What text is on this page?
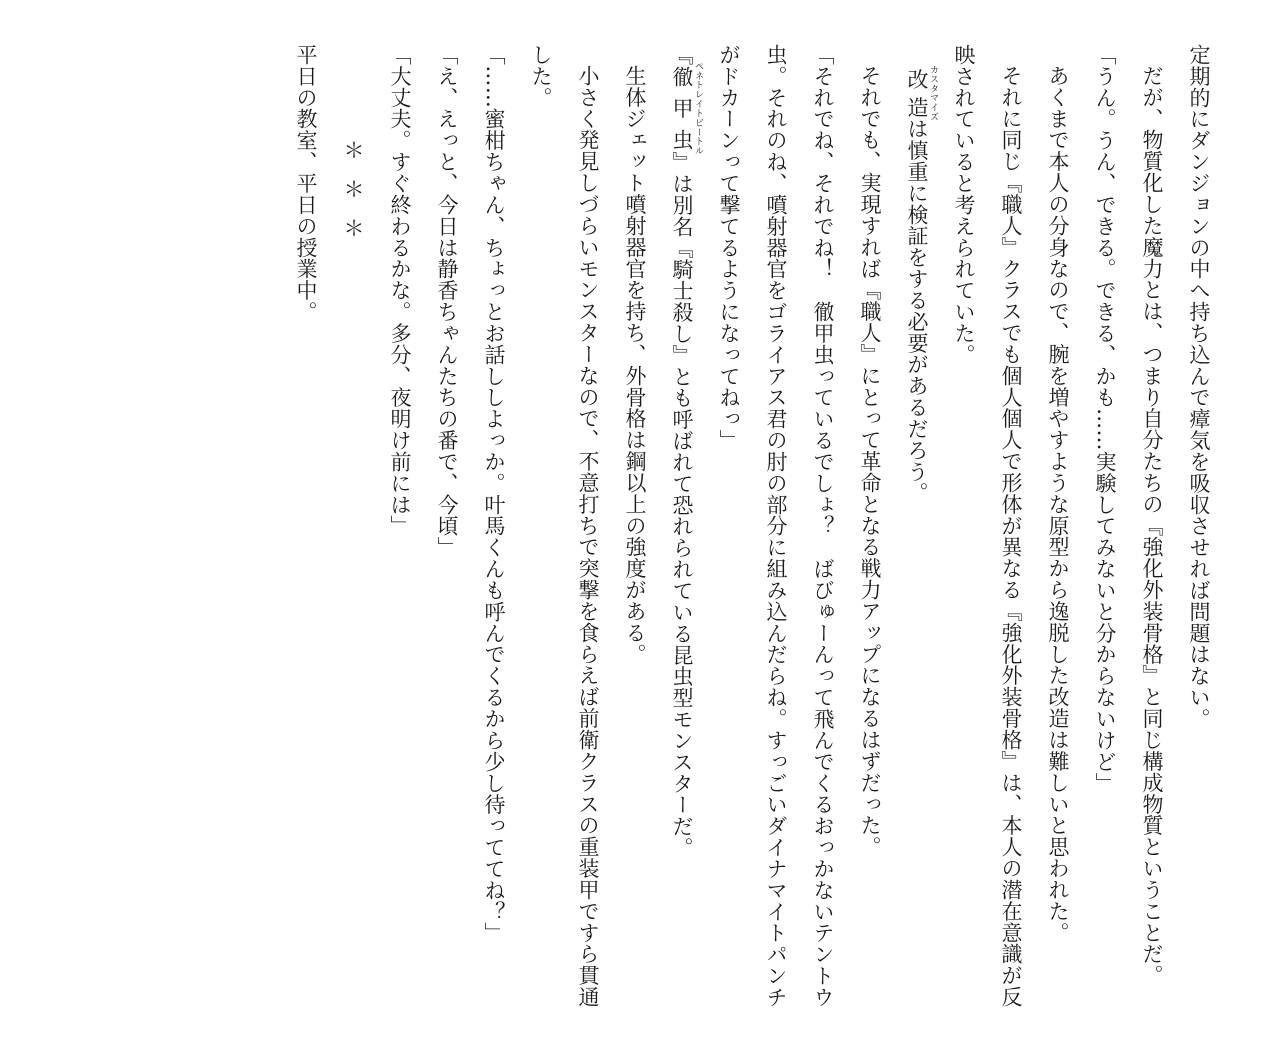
定期的にダンジョンの中へ持ち込んで瘴気を吸収させれば問題はない。
だが、物質化した魔力とは、つまり自分たちの『強化外装骨格』と同じ構成物質ということだ。
「うん。うん、できる。できる、かも……実験してみないと分からないけど」
あくまで本人の分身なので、腕を増やすような原型から逸脱した改造は難しいと思われた。
それに同じ『職人』クラスでも個人個人で形体が異なる『強化外装骨格』は、本人の潜在意識が反映されていると考えられていた。
改造 カスタマイズは慎重に検証をする必要があるだろう。
それでも、実現すれば『職人』にとって革命となる戦力アップになるはずだった。
「それでね、それでね！　徹甲虫っているでしょ？　ばびゅーんって飛んでくるおっかないテントウ虫。それのね、噴射器官をゴライアス君の肘の部分に組み込んだらね。すっごいダイナマイトパンチがドカーンって撃てるようになってねっ」
『徹甲虫 ペネトレイトビートル』は別名『騎士殺し』とも呼ばれて恐れられている昆虫型モンスターだ。
生体ジェット噴射器官を持ち、外骨格は鋼以上の強度がある。
小さく発見しづらいモンスターなので、不意打ちで突撃を食らえば前衛クラスの重装甲ですら貫通した。
「……蜜柑ちゃん、ちょっとお話ししよっか。叶馬くんも呼んでくるから少し待っててね？」
「え、えっと、今日は静香ちゃんたちの番で、今頃」
「大丈夫。すぐ終わるかな。多分、夜明け前には」
＊＊＊
平日の教室、平日の授業中。
